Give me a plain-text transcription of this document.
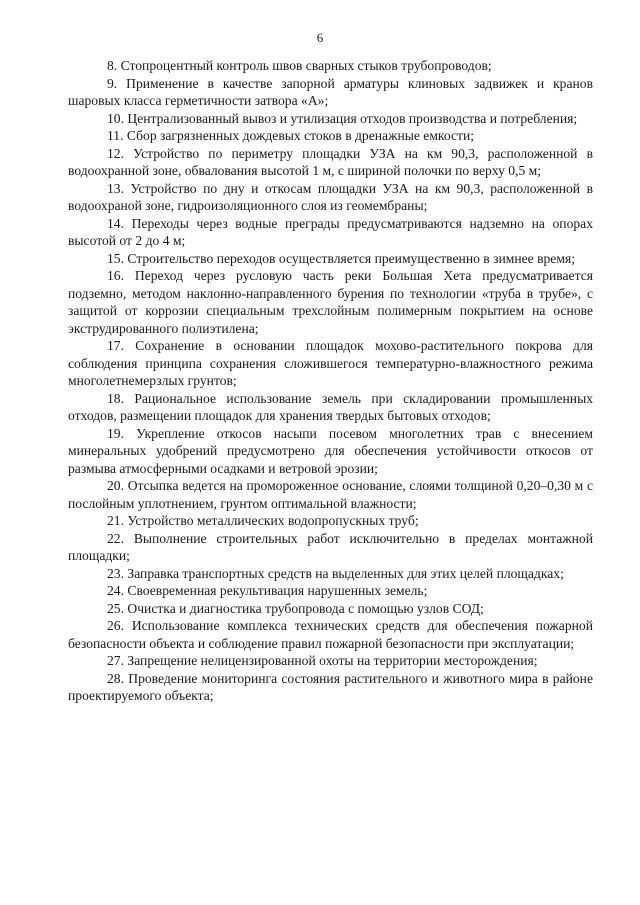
6

8. Стопроцентный контроль швов сварных стыков трубопроводов;

9. Применение в качестве запорной арматуры клиновых задвижек и кранов шаровых класса герметичности затвора «А»;

10. Централизованный вывоз и утилизация отходов производства и потребления;

11. Сбор загрязненных дождевых стоков в дренажные емкости;

12. Устройство по периметру площадки УЗА на км 90,3, расположенной в водоохранной зоне, обвалования высотой 1 м, с шириной полочки по верху 0,5 м;

13. Устройство по дну и откосам площадки УЗА на км 90,3, расположенной в водоохраной зоне, гидроизоляционного слоя из геомембраны;

14. Переходы через водные преграды предусматриваются надземно на опорах высотой от 2 до 4 м;

15. Строительство переходов осуществляется преимущественно в зимнее время;

16. Переход через русловую часть реки Большая Хета предусматривается подземно, методом наклонно-направленного бурения по технологии «труба в трубе», с защитой от коррозии специальным трехслойным полимерным покрытием на основе экструдированного полиэтилена;

17. Сохранение в основании площадок мохово-растительного покрова для соблюдения принципа сохранения сложившегося температурно-влажностного режима многолетнемерзлых грунтов;

18. Рациональное использование земель при складировании промышленных отходов, размещении площадок для хранения твердых бытовых отходов;

19. Укрепление откосов насыпи посевом многолетних трав с внесением минеральных удобрений предусмотрено для обеспечения устойчивости откосов от размыва атмосферными осадками и ветровой эрозии;

20. Отсыпка ведется на промороженное основание, слоями толщиной 0,20–0,30 м с послойным уплотнением, грунтом оптимальной влажности;

21. Устройство металлических водопропускных труб;

22. Выполнение строительных работ исключительно в пределах монтажной площадки;

23. Заправка транспортных средств на выделенных для этих целей площадках;

24. Своевременная рекультивация нарушенных земель;

25. Очистка и диагностика трубопровода с помощью узлов СОД;

26. Использование комплекса технических средств для обеспечения пожарной безопасности объекта и соблюдение правил пожарной безопасности при эксплуатации;

27. Запрещение нелицензированной охоты на территории месторождения;

28. Проведение мониторинга состояния растительного и животного мира в районе проектируемого объекта;
